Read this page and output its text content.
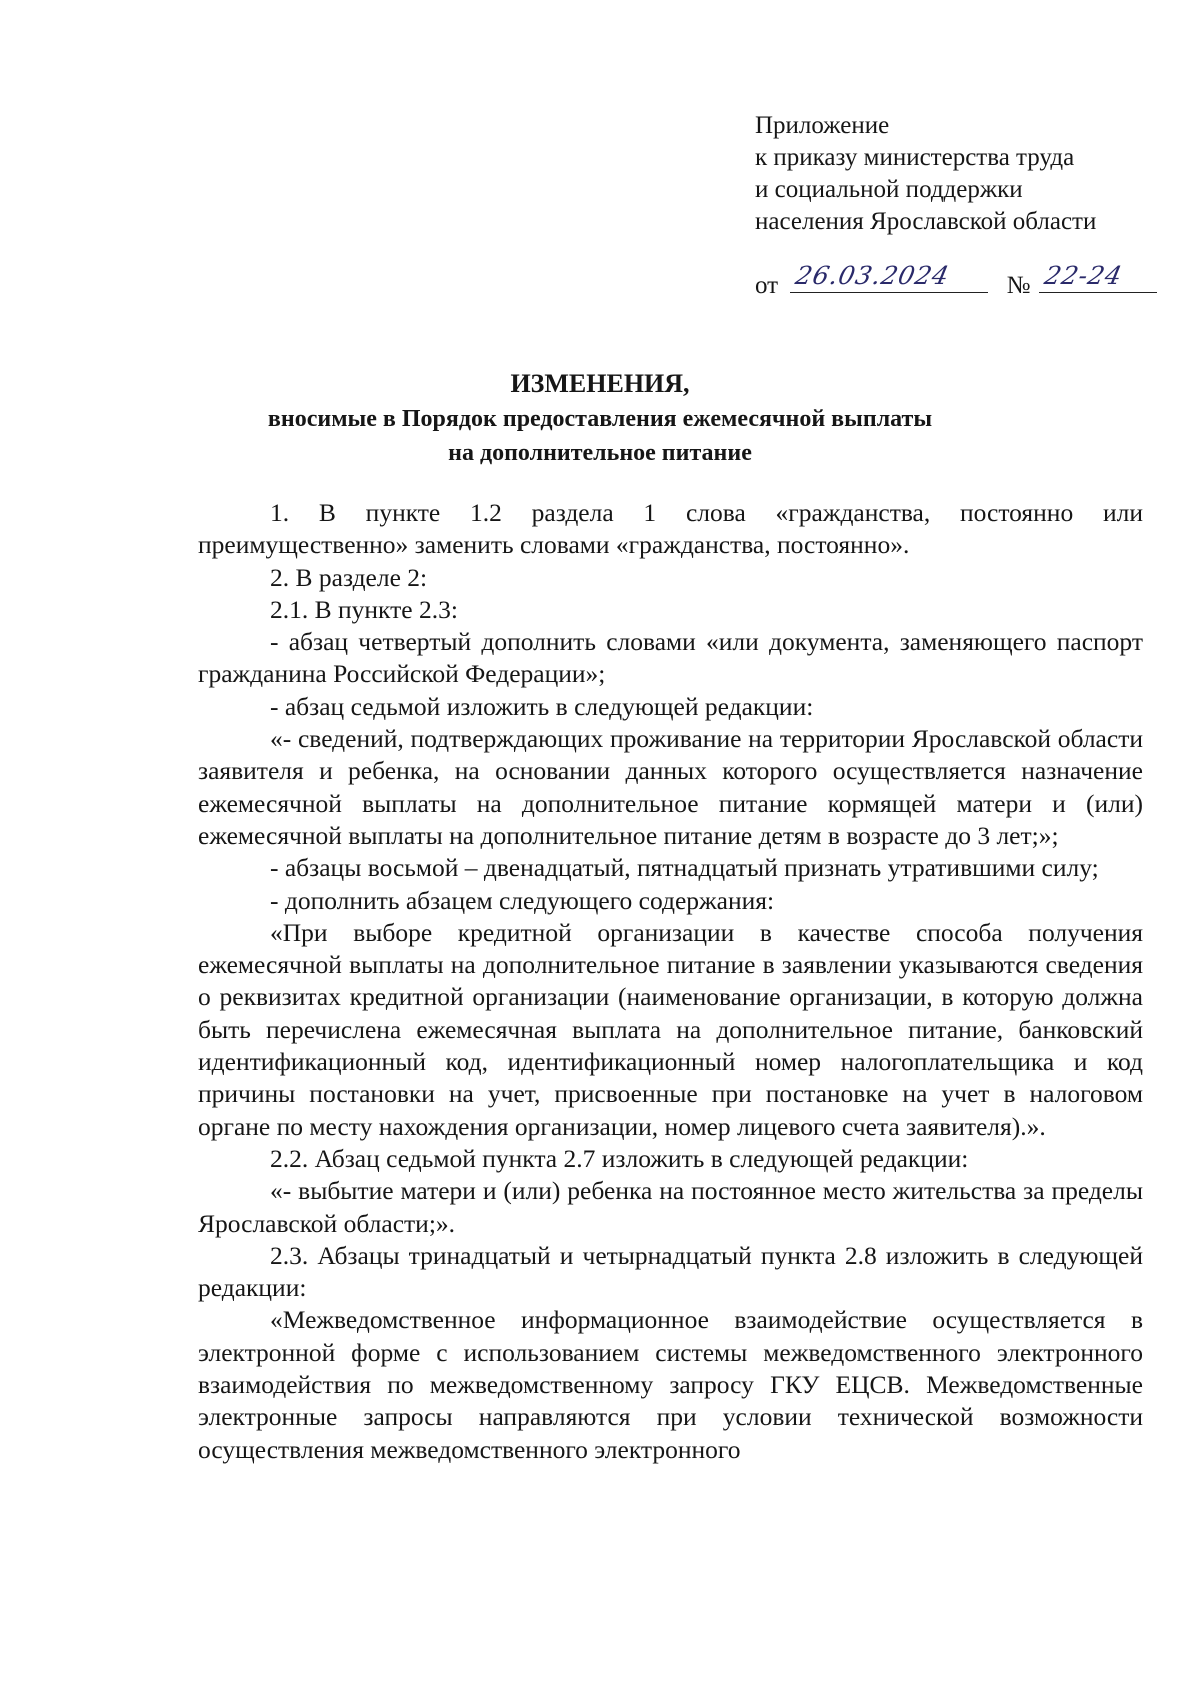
Приложение
к приказу министерства труда
и социальной поддержки
населения Ярославской области
от 26.03.2024 № 22-24
ИЗМЕНЕНИЯ,
вносимые в Порядок предоставления ежемесячной выплаты
на дополнительное питание

1. В пункте 1.2 раздела 1 слова «гражданства, постоянно или преимущественно» заменить словами «гражданства, постоянно».

2. В разделе 2:

2.1. В пункте 2.3:

- абзац четвертый дополнить словами «или документа, заменяющего паспорт гражданина Российской Федерации»;

- абзац седьмой изложить в следующей редакции:

«- сведений, подтверждающих проживание на территории Ярославской области заявителя и ребенка, на основании данных которого осуществляется назначение ежемесячной выплаты на дополнительное питание кормящей матери и (или) ежемесячной выплаты на дополнительное питание детям в возрасте до 3 лет;»;

- абзацы восьмой – двенадцатый, пятнадцатый признать утратившими силу;

- дополнить абзацем следующего содержания:

«При выборе кредитной организации в качестве способа получения ежемесячной выплаты на дополнительное питание в заявлении указываются сведения о реквизитах кредитной организации (наименование организации, в которую должна быть перечислена ежемесячная выплата на дополнительное питание, банковский идентификационный код, идентификационный номер налогоплательщика и код причины постановки на учет, присвоенные при постановке на учет в налоговом органе по месту нахождения организации, номер лицевого счета заявителя).».

2.2. Абзац седьмой пункта 2.7 изложить в следующей редакции:

«- выбытие матери и (или) ребенка на постоянное место жительства за пределы Ярославской области;».

2.3. Абзацы тринадцатый и четырнадцатый пункта 2.8 изложить в следующей редакции:

«Межведомственное информационное взаимодействие осуществляется в электронной форме с использованием системы межведомственного электронного взаимодействия по межведомственному запросу ГКУ ЕЦСВ. Межведомственные электронные запросы направляются при условии технической возможности осуществления межведомственного электронного
